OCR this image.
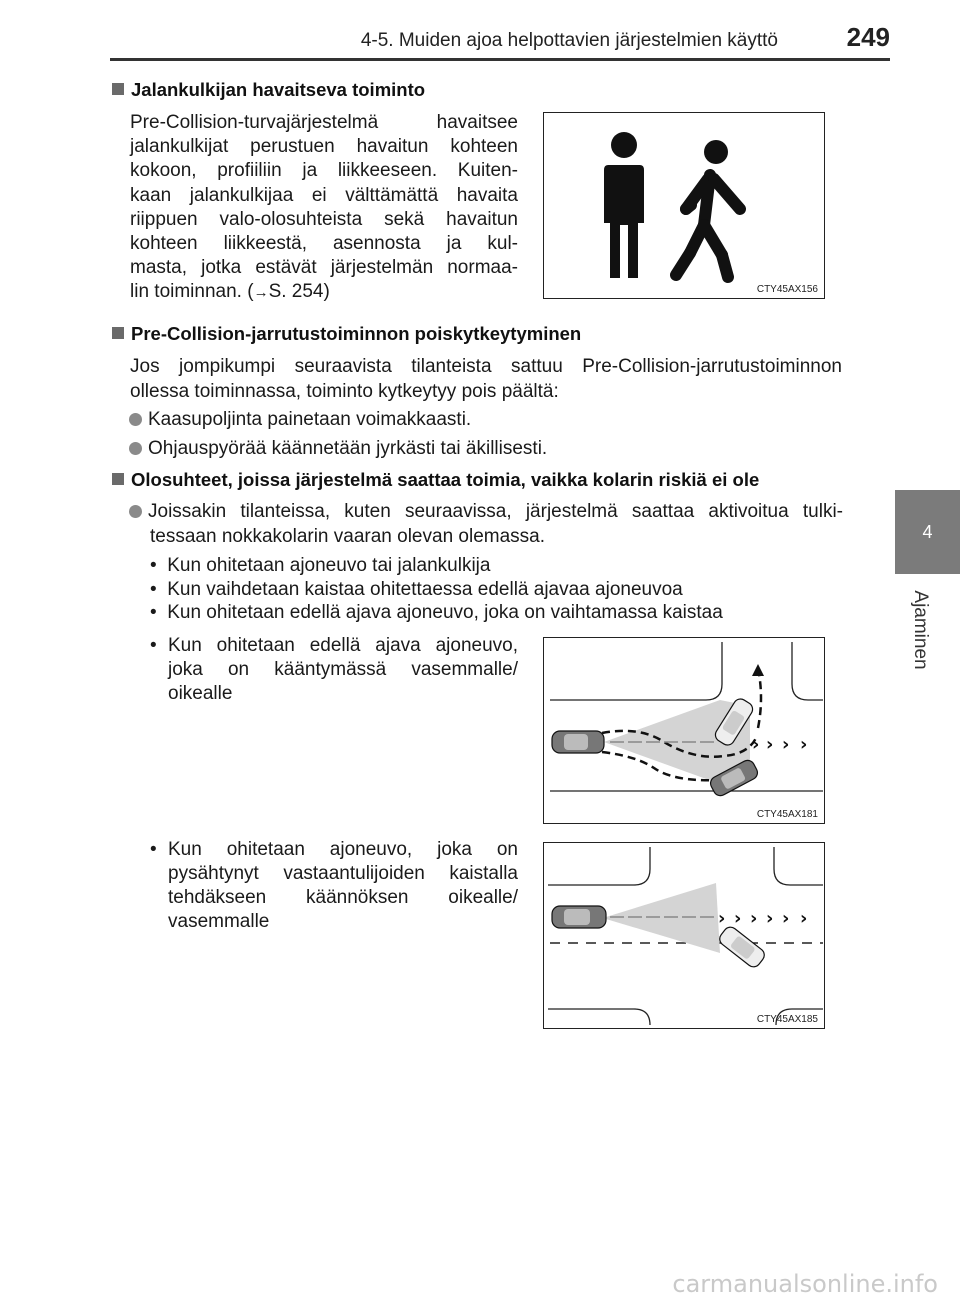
4-5. Muiden ajoa helpottavien järjestelmien käyttö	249
4
Ajaminen
Jalankulkijan havaitseva toiminto
Pre-Collision-turvajärjestelmä havaitsee
jalankulkijat perustuen havaitun kohteen
kokoon, profiiliin ja liikkeeseen. Kuiten-
kaan jalankulkijaa ei välttämättä havaita
riippuen valo-olosuhteista sekä havaitun
kohteen liikkeestä, asennosta ja kul-
masta, jotka estävät järjestelmän normaa-
lin toiminnan. (→S. 254)	CTY45AX156
Pre-Collision-jarrutustoiminnon poiskytkeytyminen
Jos jompikumpi seuraavista tilanteista sattuu Pre-Collision-jarrutustoiminnon
ollessa toiminnassa, toiminto kytkeytyy pois päältä:
Kaasupoljinta painetaan voimakkaasti.
Ohjauspyörää käännetään jyrkästi tai äkillisesti.
Olosuhteet, joissa järjestelmä saattaa toimia, vaikka kolarin riskiä ei ole
Joissakin tilanteissa, kuten seuraavissa, järjestelmä saattaa aktivoitua tulki-
tessaan nokkakolarin vaaran olevan olemassa.
• Kun ohitetaan ajoneuvo tai jalankulkija
• Kun vaihdetaan kaistaa ohitettaessa edellä ajavaa ajoneuvoa
• Kun ohitetaan edellä ajava ajoneuvo, joka on vaihtamassa kaistaa
• Kun ohitetaan edellä ajava ajoneuvo,
joka on kääntymässä vasemmalle/
oikealle
› › › ›
CTY45AX181
• Kun ohitetaan ajoneuvo, joka on
pysähtynyt vastaantulijoiden kaistalla
tehdäkseen käännöksen oikealle/
vasemmalle	› › › › › ›
CTY45AX185
carmanualsonline.info
